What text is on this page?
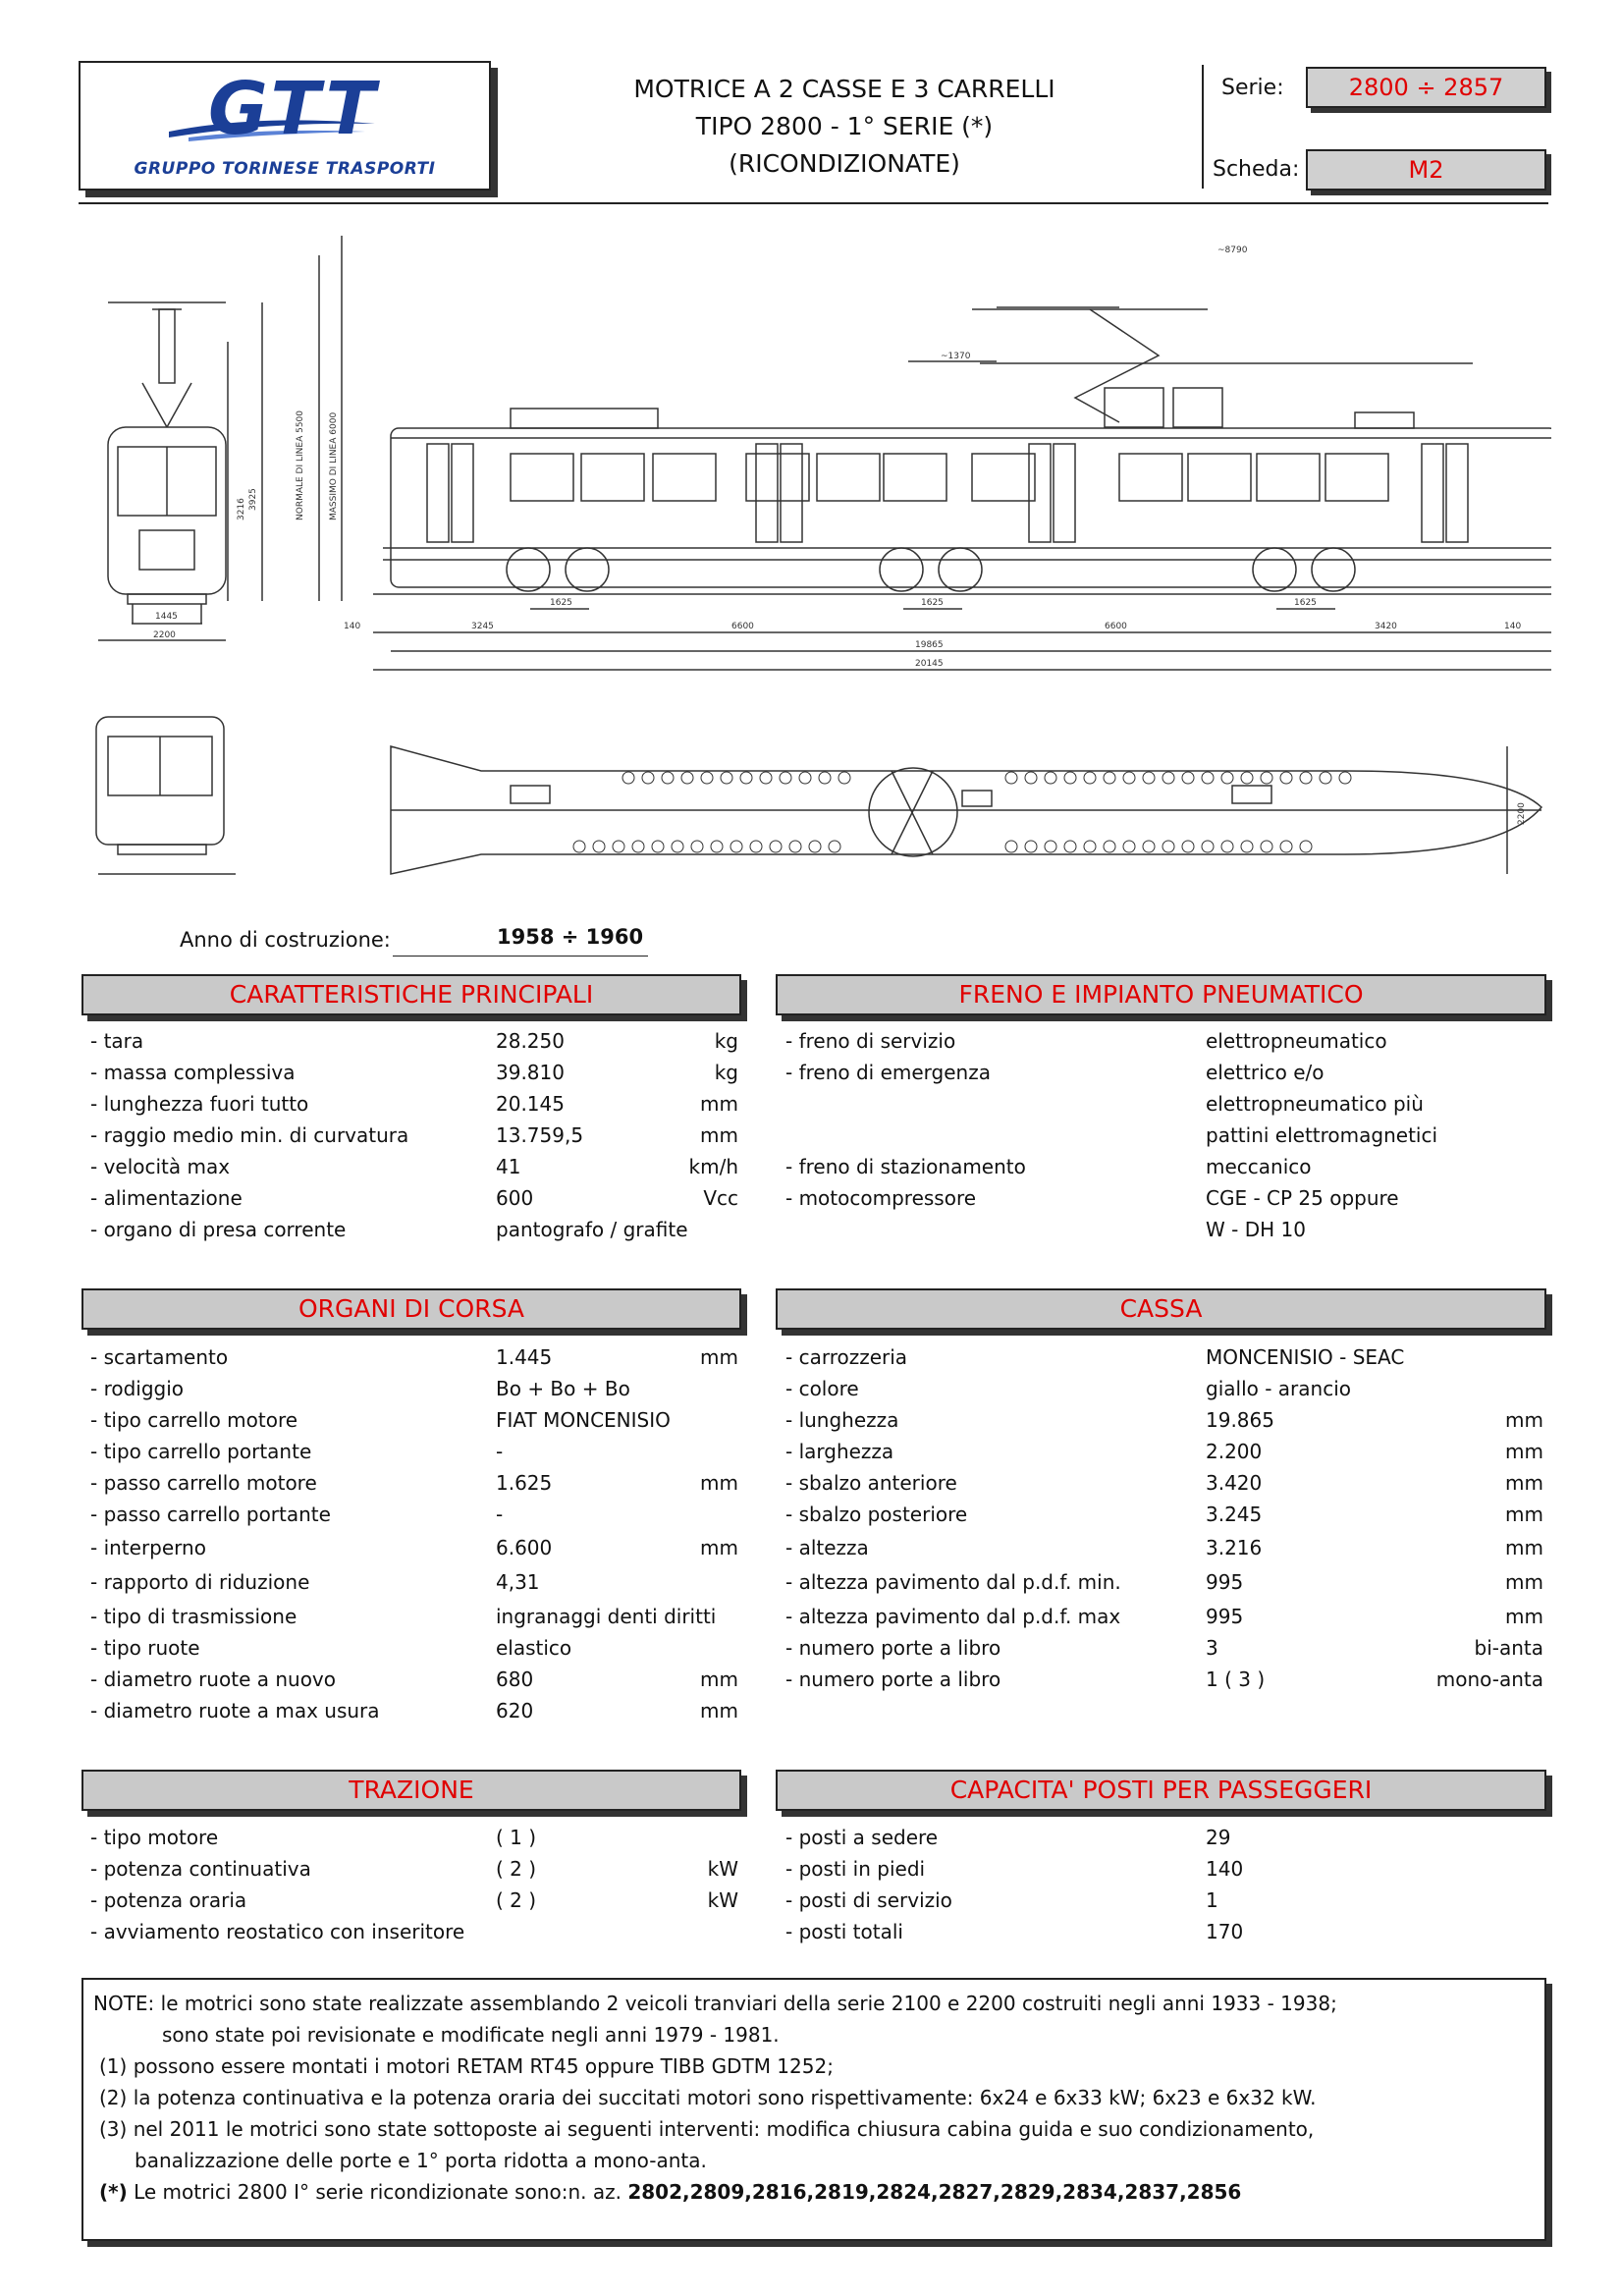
GTT
GRUPPO TORINESE TRASPORTI
MOTRICE A 2 CASSE E 3 CARRELLI
TIPO 2800 - 1° SERIE (*)
(RICONDIZIONATE)
Serie:	2800 ÷ 2857
Scheda:	M2
~8790
~1370
3925
3216	NORMALE DI LINEA 5500	MASSIMO DI LINEA 6000
1445
2200
140	3245	6600	6600	3420	140
1625	1625	1625
19865
20145
2200
Anno di costruzione:	1958 ÷ 1960
CARATTERISTICHE PRINCIPALI
- tara	28.250	kg
- massa complessiva	39.810	kg
- lunghezza fuori tutto	20.145	mm
- raggio medio min. di curvatura	13.759,5	mm
- velocità max	41	km/h
- alimentazione	600	Vcc
- organo di presa corrente	pantografo / grafite
FRENO E IMPIANTO PNEUMATICO
- freno di servizio	elettropneumatico
- freno di emergenza	elettrico e/o
elettropneumatico più
pattini elettromagnetici
- freno di stazionamento	meccanico
- motocompressore	CGE - CP 25 oppure
W - DH 10
ORGANI DI CORSA
- scartamento	1.445	mm
- rodiggio	Bo + Bo + Bo
- tipo carrello motore	FIAT MONCENISIO
- tipo carrello portante	-
- passo carrello motore	1.625	mm
- passo carrello portante	-
- interperno	6.600	mm
- rapporto di riduzione	4,31
- tipo di trasmissione	ingranaggi denti diritti
- tipo ruote	elastico
- diametro ruote a nuovo	680	mm
- diametro ruote a max usura	620	mm
CASSA
- carrozzeria	MONCENISIO - SEAC
- colore	giallo - arancio
- lunghezza	19.865	mm
- larghezza	2.200	mm
- sbalzo anteriore	3.420	mm
- sbalzo posteriore	3.245	mm
- altezza	3.216	mm
- altezza pavimento dal p.d.f. min.	995	mm
- altezza pavimento dal p.d.f. max	995	mm
- numero porte a libro	3	bi-anta
- numero porte a libro	1 ( 3 )	mono-anta
TRAZIONE
- tipo motore	( 1 )
- potenza continuativa	( 2 )	kW
- potenza oraria	( 2 )	kW
- avviamento reostatico con inseritore
CAPACITA' POSTI PER PASSEGGERI
- posti a sedere	29
- posti in piedi	140
- posti di servizio	1
- posti totali	170
NOTE: le motrici sono state realizzate assemblando 2 veicoli tranviari della serie 2100 e 2200 costruiti negli anni 1933 - 1938;
sono state poi revisionate e modificate negli anni 1979 - 1981.
(1) possono essere montati i motori RETAM RT45 oppure TIBB GDTM 1252;
(2) la potenza continuativa e la potenza oraria dei succitati motori sono rispettivamente: 6x24 e 6x33 kW; 6x23 e 6x32 kW.
(3) nel 2011 le motrici sono state sottoposte ai seguenti interventi: modifica chiusura cabina guida e suo condizionamento,
banalizzazione delle porte e 1° porta ridotta a mono-anta.
(*) Le motrici 2800 I° serie ricondizionate sono:n. az. 2802,2809,2816,2819,2824,2827,2829,2834,2837,2856
